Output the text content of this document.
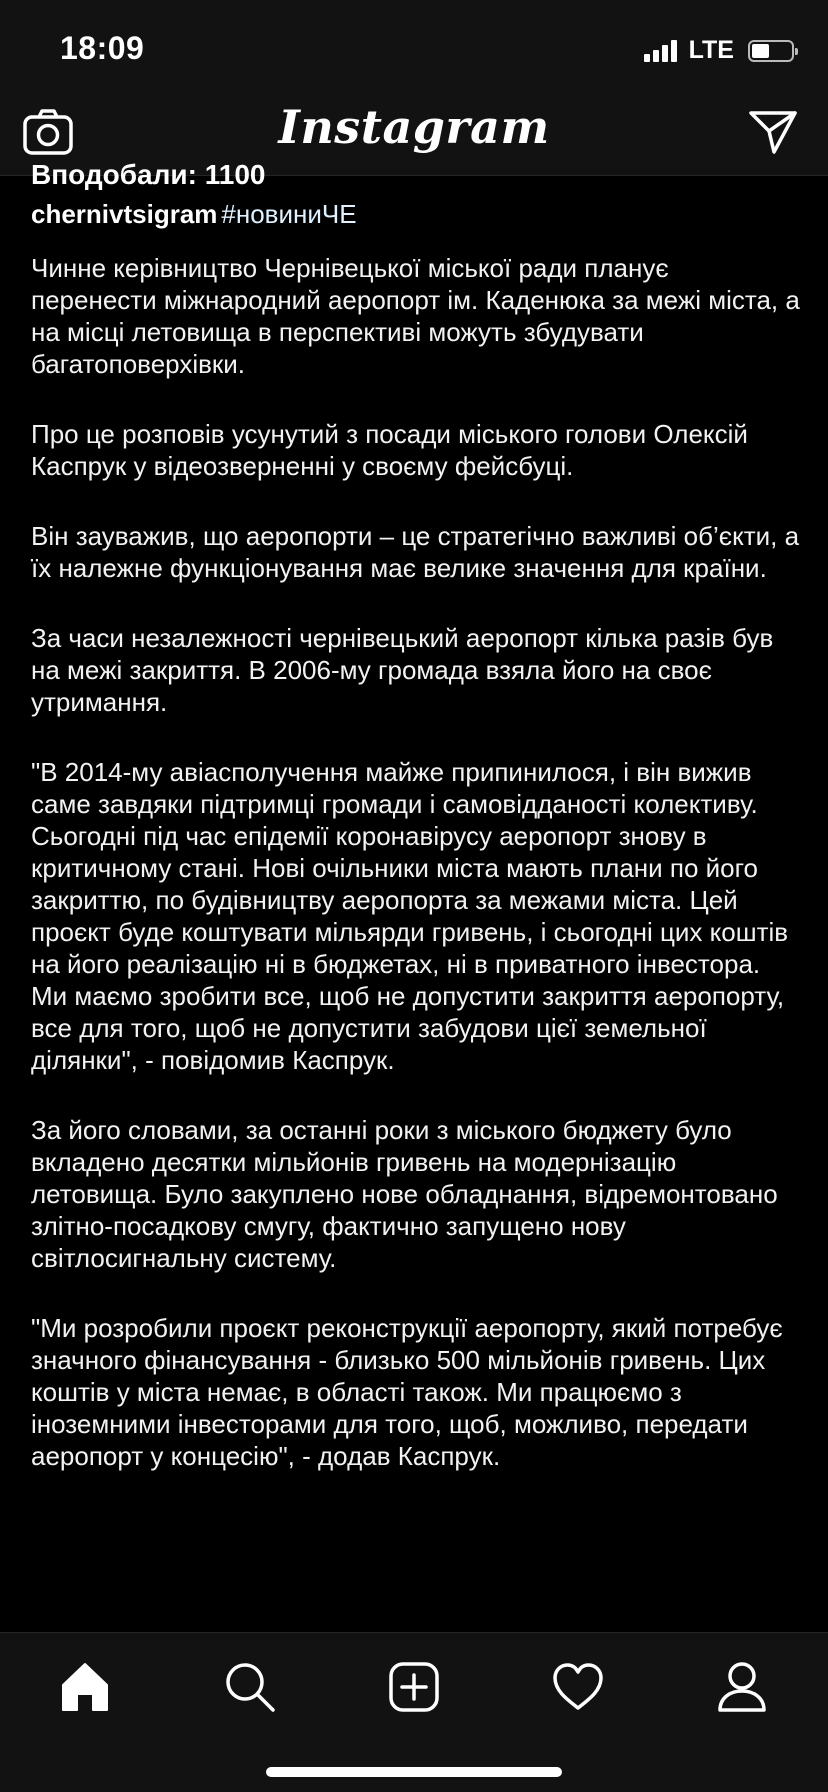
18:09	LTE
Instagram
Вподобали: 1100
chernivtsigram #новиниЧЕ

Чинне керівництво Чернівецької міської ради планує перенести міжнародний аеропорт ім. Каденюка за межі міста, а на місці летовища в перспективі можуть збудувати багатоповерхівки.

Про це розповів усунутий з посади міського голови Олексій Каспрук у відеозверненні у своєму фейсбуці.

Він зауважив, що аеропорти – це стратегічно важливі об’єкти, а їх належне функціонування має велике значення для країни.

За часи незалежності чернівецький аеропорт кілька разів був на межі закриття. В 2006-му громада взяла його на своє утримання.

"В 2014-му авіасполучення майже припинилося, і він вижив саме завдяки підтримці громади і самовідданості колективу. Сьогодні під час епідемії коронавірусу аеропорт знову в критичному стані. Нові очільники міста мають плани по його закриттю, по будівництву аеропорта за межами міста. Цей проєкт буде коштувати мільярди гривень, і сьогодні цих коштів на його реалізацію ні в бюджетах, ні в приватного інвестора. Ми маємо зробити все, щоб не допустити закриття аеропорту, все для того, щоб не допустити забудови цієї земельної ділянки", - повідомив Каспрук.

За його словами, за останні роки з міського бюджету було вкладено десятки мільйонів гривень на модернізацію летовища. Було закуплено нове обладнання, відремонтовано злітно-посадкову смугу, фактично запущено нову світлосигнальну систему.

"Ми розробили проєкт реконструкції аеропорту, який потребує значного фінансування - близько 500 мільйонів гривень. Цих коштів у міста немає, в області також. Ми працюємо з іноземними інвесторами для того, щоб, можливо, передати аеропорт у концесію", - додав Каспрук.
